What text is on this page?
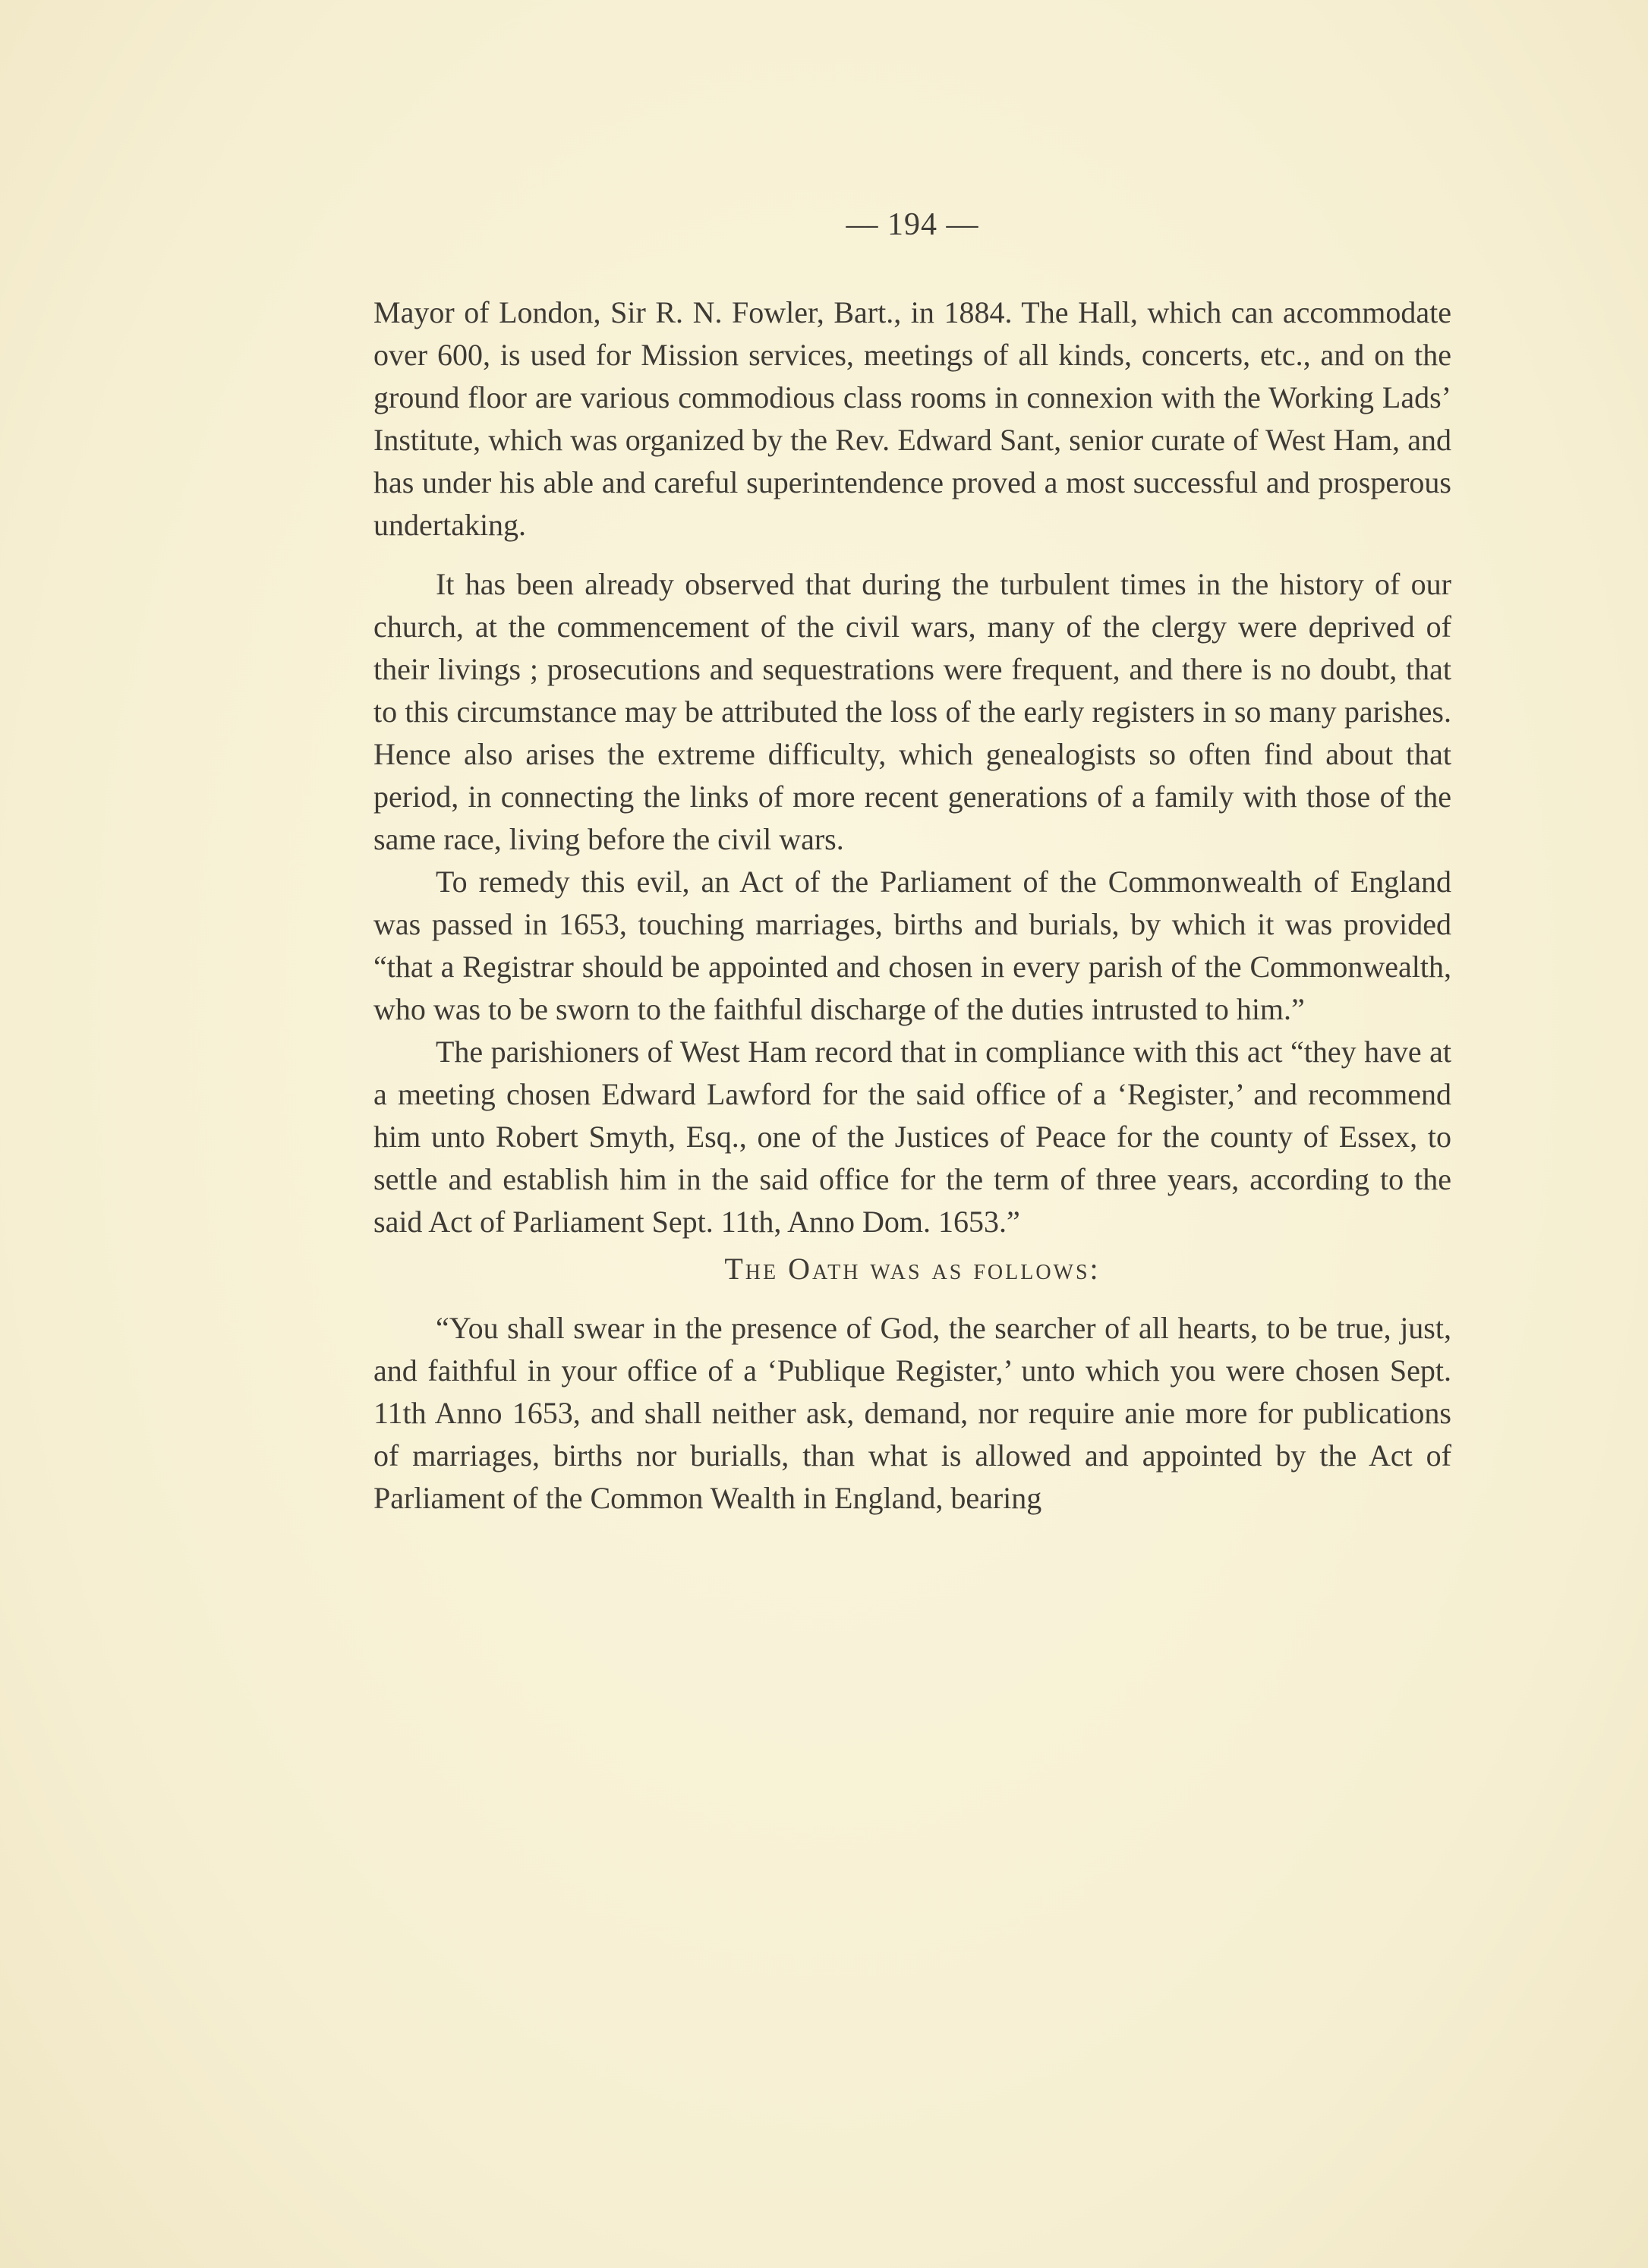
— 194 —

Mayor of London, Sir R. N. Fowler, Bart., in 1884. The Hall, which can accommodate over 600, is used for Mission services, meetings of all kinds, concerts, etc., and on the ground floor are various commodious class rooms in connexion with the Working Lads’ Institute, which was organized by the Rev. Edward Sant, senior curate of West Ham, and has under his able and careful superintendence proved a most successful and prosperous undertaking.

It has been already observed that during the turbulent times in the history of our church, at the commencement of the civil wars, many of the clergy were deprived of their livings ; prosecutions and sequestrations were frequent, and there is no doubt, that to this circumstance may be attributed the loss of the early registers in so many parishes. Hence also arises the extreme difficulty, which genealogists so often find about that period, in connecting the links of more recent generations of a family with those of the same race, living before the civil wars.

To remedy this evil, an Act of the Parliament of the Commonwealth of England was passed in 1653, touching marriages, births and burials, by which it was provided “that a Registrar should be appointed and chosen in every parish of the Commonwealth, who was to be sworn to the faithful discharge of the duties intrusted to him.”

The parishioners of West Ham record that in compliance with this act “they have at a meeting chosen Edward Lawford for the said office of a ‘Register,’ and recommend him unto Robert Smyth, Esq., one of the Justices of Peace for the county of Essex, to settle and establish him in the said office for the term of three years, according to the said Act of Parliament Sept. 11th, Anno Dom. 1653.”

The Oath was as follows:

“You shall swear in the presence of God, the searcher of all hearts, to be true, just, and faithful in your office of a ‘Publique Register,’ unto which you were chosen Sept. 11th Anno 1653, and shall neither ask, demand, nor require anie more for publications of marriages, births nor burialls, than what is allowed and appointed by the Act of Parliament of the Common Wealth in England, bearing
